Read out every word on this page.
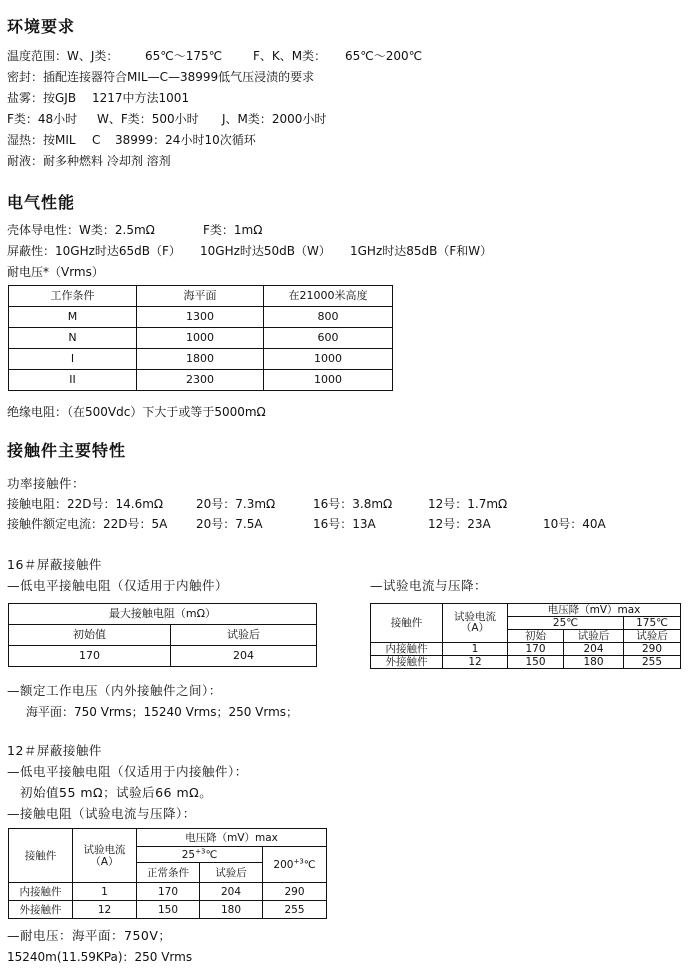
环境要求
温度范围：W、J类： 65℃～175℃	F、K、M类： 65℃～200℃
密封：插配连接器符合MIL—C—38999低气压浸渍的要求
盐雾：按GJB 1217中方法1001
F类：48小时 W、F类：500小时 J、M类：2000小时
湿热：按MIL C 38999：24小时10次循环
耐液：耐多种燃料 冷却剂 溶剂
电气性能
壳体导电性：W类：2.5mΩ	F类：1mΩ
屏蔽性：10GHz时达65dB（F） 10GHz时达50dB（W） 1GHz时达85dB（F和W）
耐电压*（Vrms）
工作条件	海平面	在21000米高度
M	1300	800
N	1000	600
I	1800	1000
II	2300	1000
绝缘电阻：（在500Vdc）下大于或等于5000mΩ
接触件主要特性
功率接触件：
接触电阻：22D号：14.6mΩ	20号：7.3mΩ	16号：3.8mΩ	12号：1.7mΩ
接触件额定电流：22D号：5A 20号：7.5A	16号：13A	12号：23A	10号：40A
16＃屏蔽接触件
—低电平接触电阻（仅适用于内触件）	—试验电流与压降：
最大接触电阻（mΩ）	
初始值	试验后
170	204
接触件	试验电流
（A）	电压降（mV）max		
		25℃		175℃
		初始	试验后	试验后
内接触件	1	170	204	290
外接触件	12	150	180	255
—额定工作电压（内外接触件之间）：
海平面：750 Vrms；15240 Vrms；250 Vrms；
12＃屏蔽接触件
—低电平接触电阻（仅适用于内接触件）：
初始值55 mΩ；试验后66 mΩ。
—接触电阻（试验电流与压降）：
接触件	试验电流
（A）	电压降（mV）max		
		$25^{+3}℃$		$200^{+3}℃$
		正常条件	试验后	
内接触件	1	170	204	290
外接触件	12	150	180	255
—耐电压：海平面：750V；
15240m(11.59KPa)：250 Vrms
